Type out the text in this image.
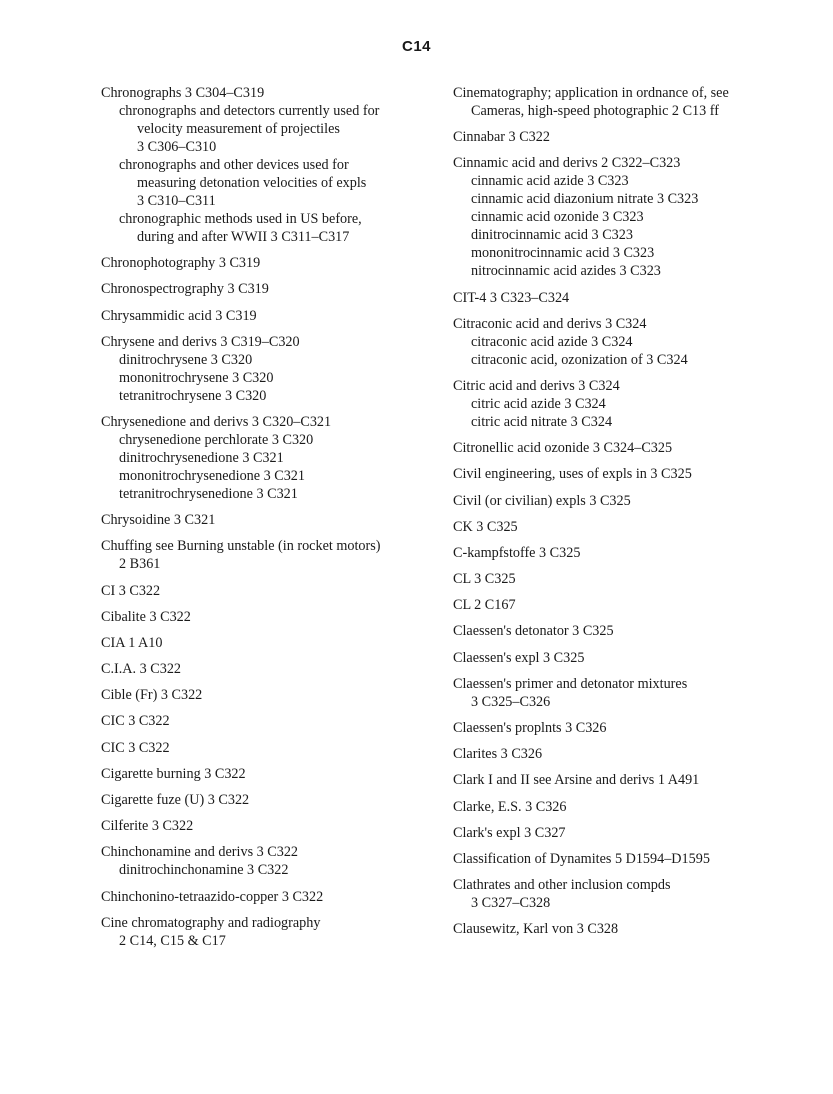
C14
Chronographs 3 C304–C319
chronographs and detectors currently used for
velocity measurement of projectiles
3 C306–C310
chronographs and other devices used for
measuring detonation velocities of expls
3 C310–C311
chronographic methods used in US before,
during and after WWII 3 C311–C317
Chronophotography 3 C319
Chronospectrography 3 C319
Chrysammidic acid 3 C319
Chrysene and derivs 3 C319–C320
dinitrochrysene 3 C320
mononitrochrysene 3 C320
tetranitrochrysene 3 C320
Chrysenedione and derivs 3 C320–C321
chrysenedione perchlorate 3 C320
dinitrochrysenedione 3 C321
mononitrochrysenedione 3 C321
tetranitrochrysenedione 3 C321
Chrysoidine 3 C321
Chuffing see Burning unstable (in rocket motors)
2 B361
CI 3 C322
Cibalite 3 C322
CIA 1 A10
C.I.A. 3 C322
Cible (Fr) 3 C322
CIC 3 C322
CIC 3 C322
Cigarette burning 3 C322
Cigarette fuze (U) 3 C322
Cilferite 3 C322
Chinchonamine and derivs 3 C322
dinitrochinchonamine 3 C322
Chinchonino-tetraazido-copper 3 C322
Cine chromatography and radiography
2 C14, C15 & C17
Cinematography; application in ordnance of, see
Cameras, high-speed photographic 2 C13 ff
Cinnabar 3 C322
Cinnamic acid and derivs 2 C322–C323
cinnamic acid azide 3 C323
cinnamic acid diazonium nitrate 3 C323
cinnamic acid ozonide 3 C323
dinitrocinnamic acid 3 C323
mononitrocinnamic acid 3 C323
nitrocinnamic acid azides 3 C323
CIT-4 3 C323–C324
Citraconic acid and derivs 3 C324
citraconic acid azide 3 C324
citraconic acid, ozonization of 3 C324
Citric acid and derivs 3 C324
citric acid azide 3 C324
citric acid nitrate 3 C324
Citronellic acid ozonide 3 C324–C325
Civil engineering, uses of expls in 3 C325
Civil (or civilian) expls 3 C325
CK 3 C325
C-kampfstoffe 3 C325
CL 3 C325
CL 2 C167
Claessen's detonator 3 C325
Claessen's expl 3 C325
Claessen's primer and detonator mixtures
3 C325–C326
Claessen's proplnts 3 C326
Clarites 3 C326
Clark I and II see Arsine and derivs 1 A491
Clarke, E.S. 3 C326
Clark's expl 3 C327
Classification of Dynamites 5 D1594–D1595
Clathrates and other inclusion compds
3 C327–C328
Clausewitz, Karl von 3 C328
